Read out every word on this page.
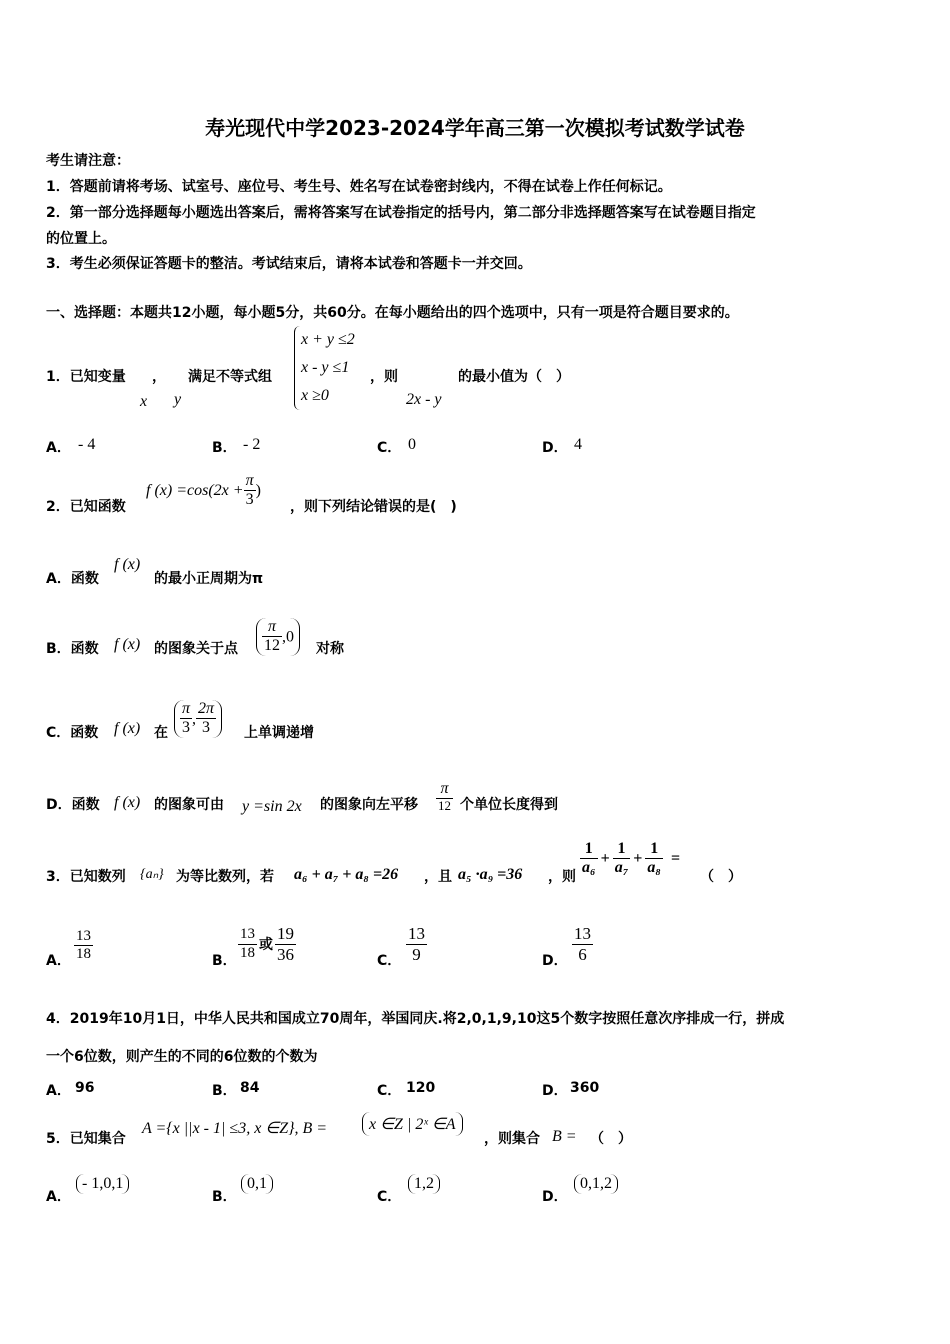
寿光现代中学2023-2024学年高三第一次模拟考试数学试卷
考生请注意：
1．答题前请将考场、试室号、座位号、考生号、姓名写在试卷密封线内，不得在试卷上作任何标记。
2．第一部分选择题每小题选出答案后，需将答案写在试卷指定的括号内，第二部分非选择题答案写在试卷题目指定
的位置上。
3．考生必须保证答题卡的整洁。考试结束后，请将本试卷和答题卡一并交回。
一、选择题：本题共12小题，每小题5分，共60分。在每小题给出的四个选项中，只有一项是符合题目要求的。
1．已知变量 ， 满足不等式组
x y
x + y ≤2
x - y ≤1
x ≥0
，则
2x - y
的最小值为（　）
A． - 4	B． - 2	C． 0	D． 4
2．已知函数
f $(x) =\cos(2x + \frac{\pi}{3}$ )
，则下列结论错误的是(　)
A．函数
f (x)
的最小正周期为π
B．函数 f (x) 的图象关于点 $\frac{\pi}{12} ,0$
对称
C．函数 f (x) 在 $\frac{\pi}{3}$ , $\frac{2\pi}{3}$ 上单调递增
D．函数 f (x) 的图象可由 y =sin 2x 的图象向左平移 $\frac{\pi}{12}$ 个单位长度得到
3．已知数列 {aₙ} 为等比数列，若 a₆ + a₇ + a₈ =26 ，且 a₅ ·a₉ =36 ，则 $\frac{1}{\text{a₆}} + \frac{1}{\text{a₇}} + \frac{1}{\text{a₈}}$ =
（　）
A． $\frac{13}{18}$	B． $\frac{13}{18}$ 或 $\frac{19}{36}$	C． $\frac{13}{9}$	D． $\frac{13}{6}$
4．2019年10月1日，中华人民共和国成立70周年，举国同庆.将2,0,1,9,10这5个数字按照任意次序排成一行，拼成
一个6位数，则产生的不同的6位数的个数为
A． 96	B． 84	C． 120	D． 360
5．已知集合
A ={x ||x - 1| ≤3, x ∈Z}, B =	x ∈Z | 2ˣ ∈A
，则集合 B = （　）
A．
- 1,0,1
B．
0,1
C．
1,2
D．
0,1,2
